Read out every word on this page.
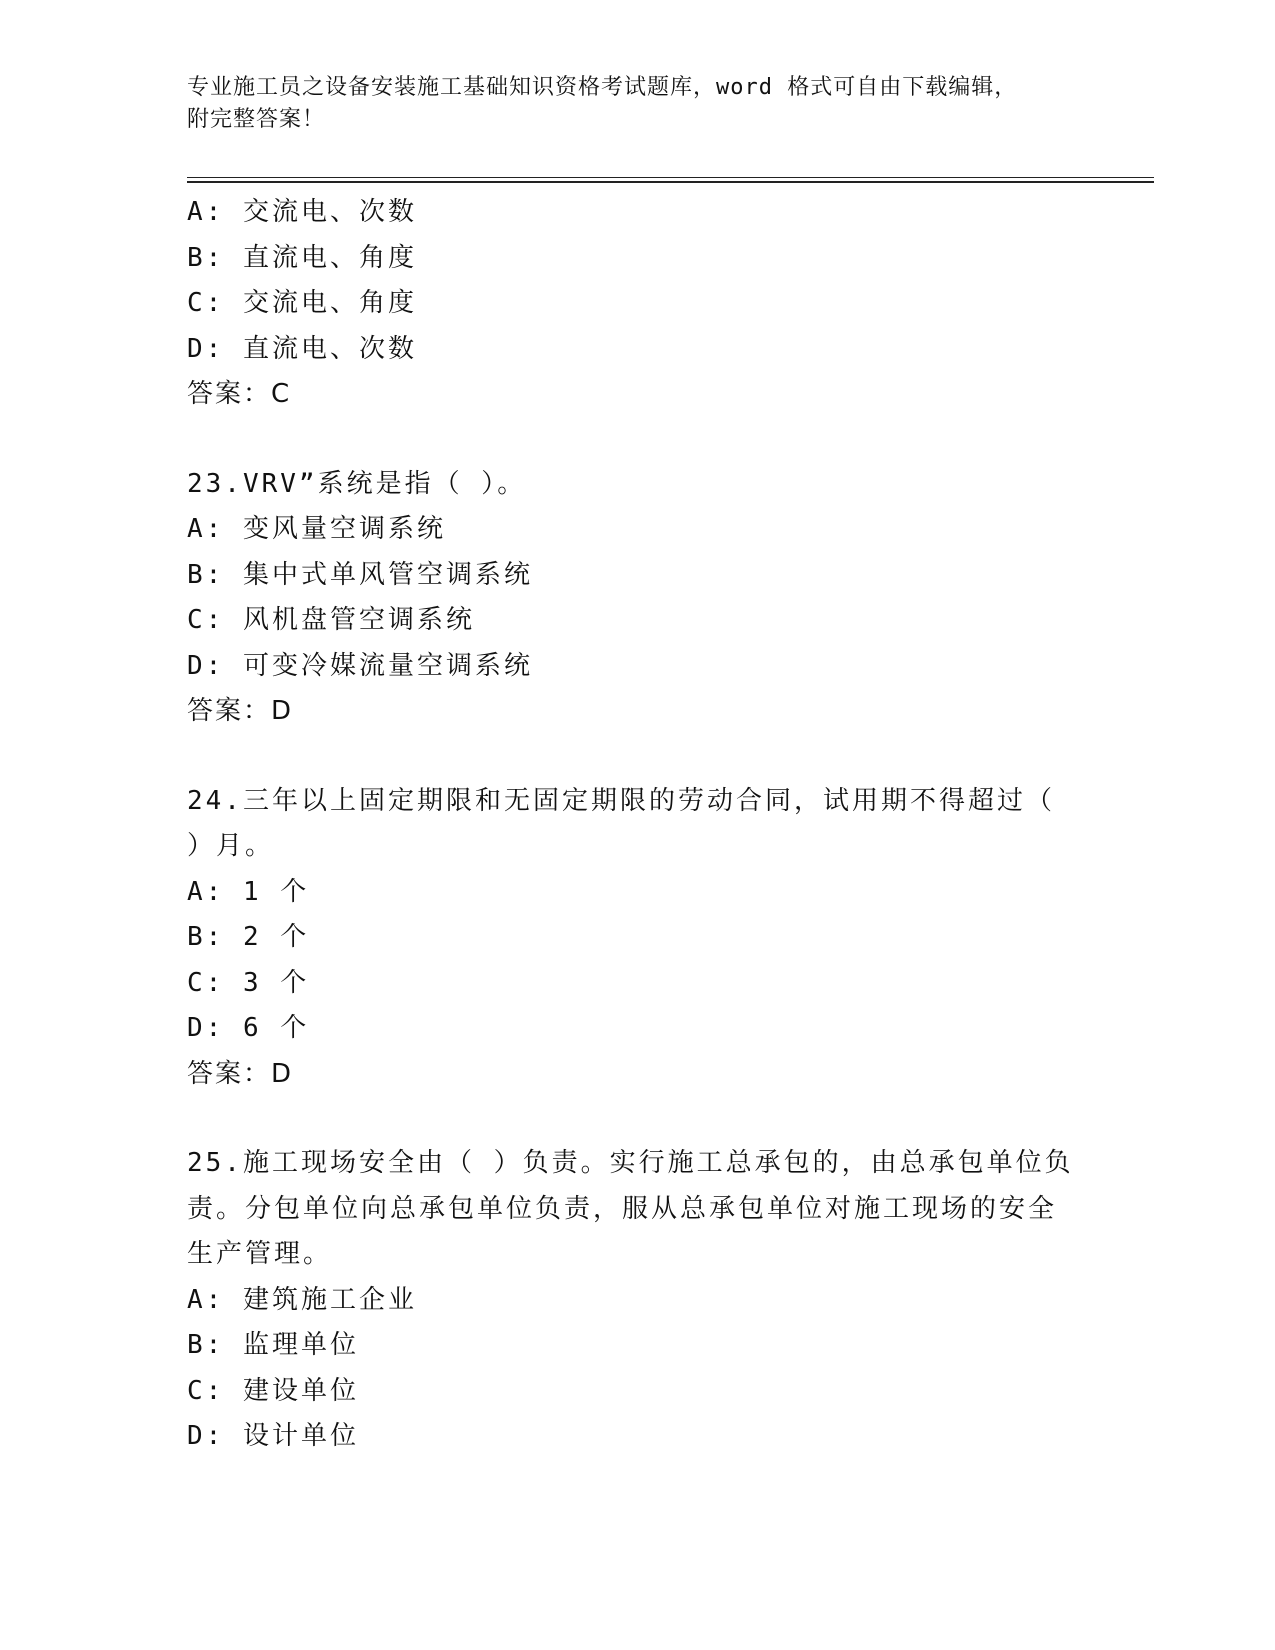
专业施工员之设备安装施工基础知识资格考试题库，word 格式可自由下载编辑，
附完整答案！
A: 交流电、次数
B: 直流电、角度
C: 交流电、角度
D: 直流电、次数
答案：C
23.VRV”系统是指（ ）。
A: 变风量空调系统
B: 集中式单风管空调系统
C: 风机盘管空调系统
D: 可变冷媒流量空调系统
答案：D
24.三年以上固定期限和无固定期限的劳动合同，试用期不得超过（
）月。
A: 1 个
B: 2 个
C: 3 个
D: 6 个
答案：D
25.施工现场安全由（ ）负责。实行施工总承包的，由总承包单位负
责。分包单位向总承包单位负责，服从总承包单位对施工现场的安全
生产管理。
A: 建筑施工企业
B: 监理单位
C: 建设单位
D: 设计单位
